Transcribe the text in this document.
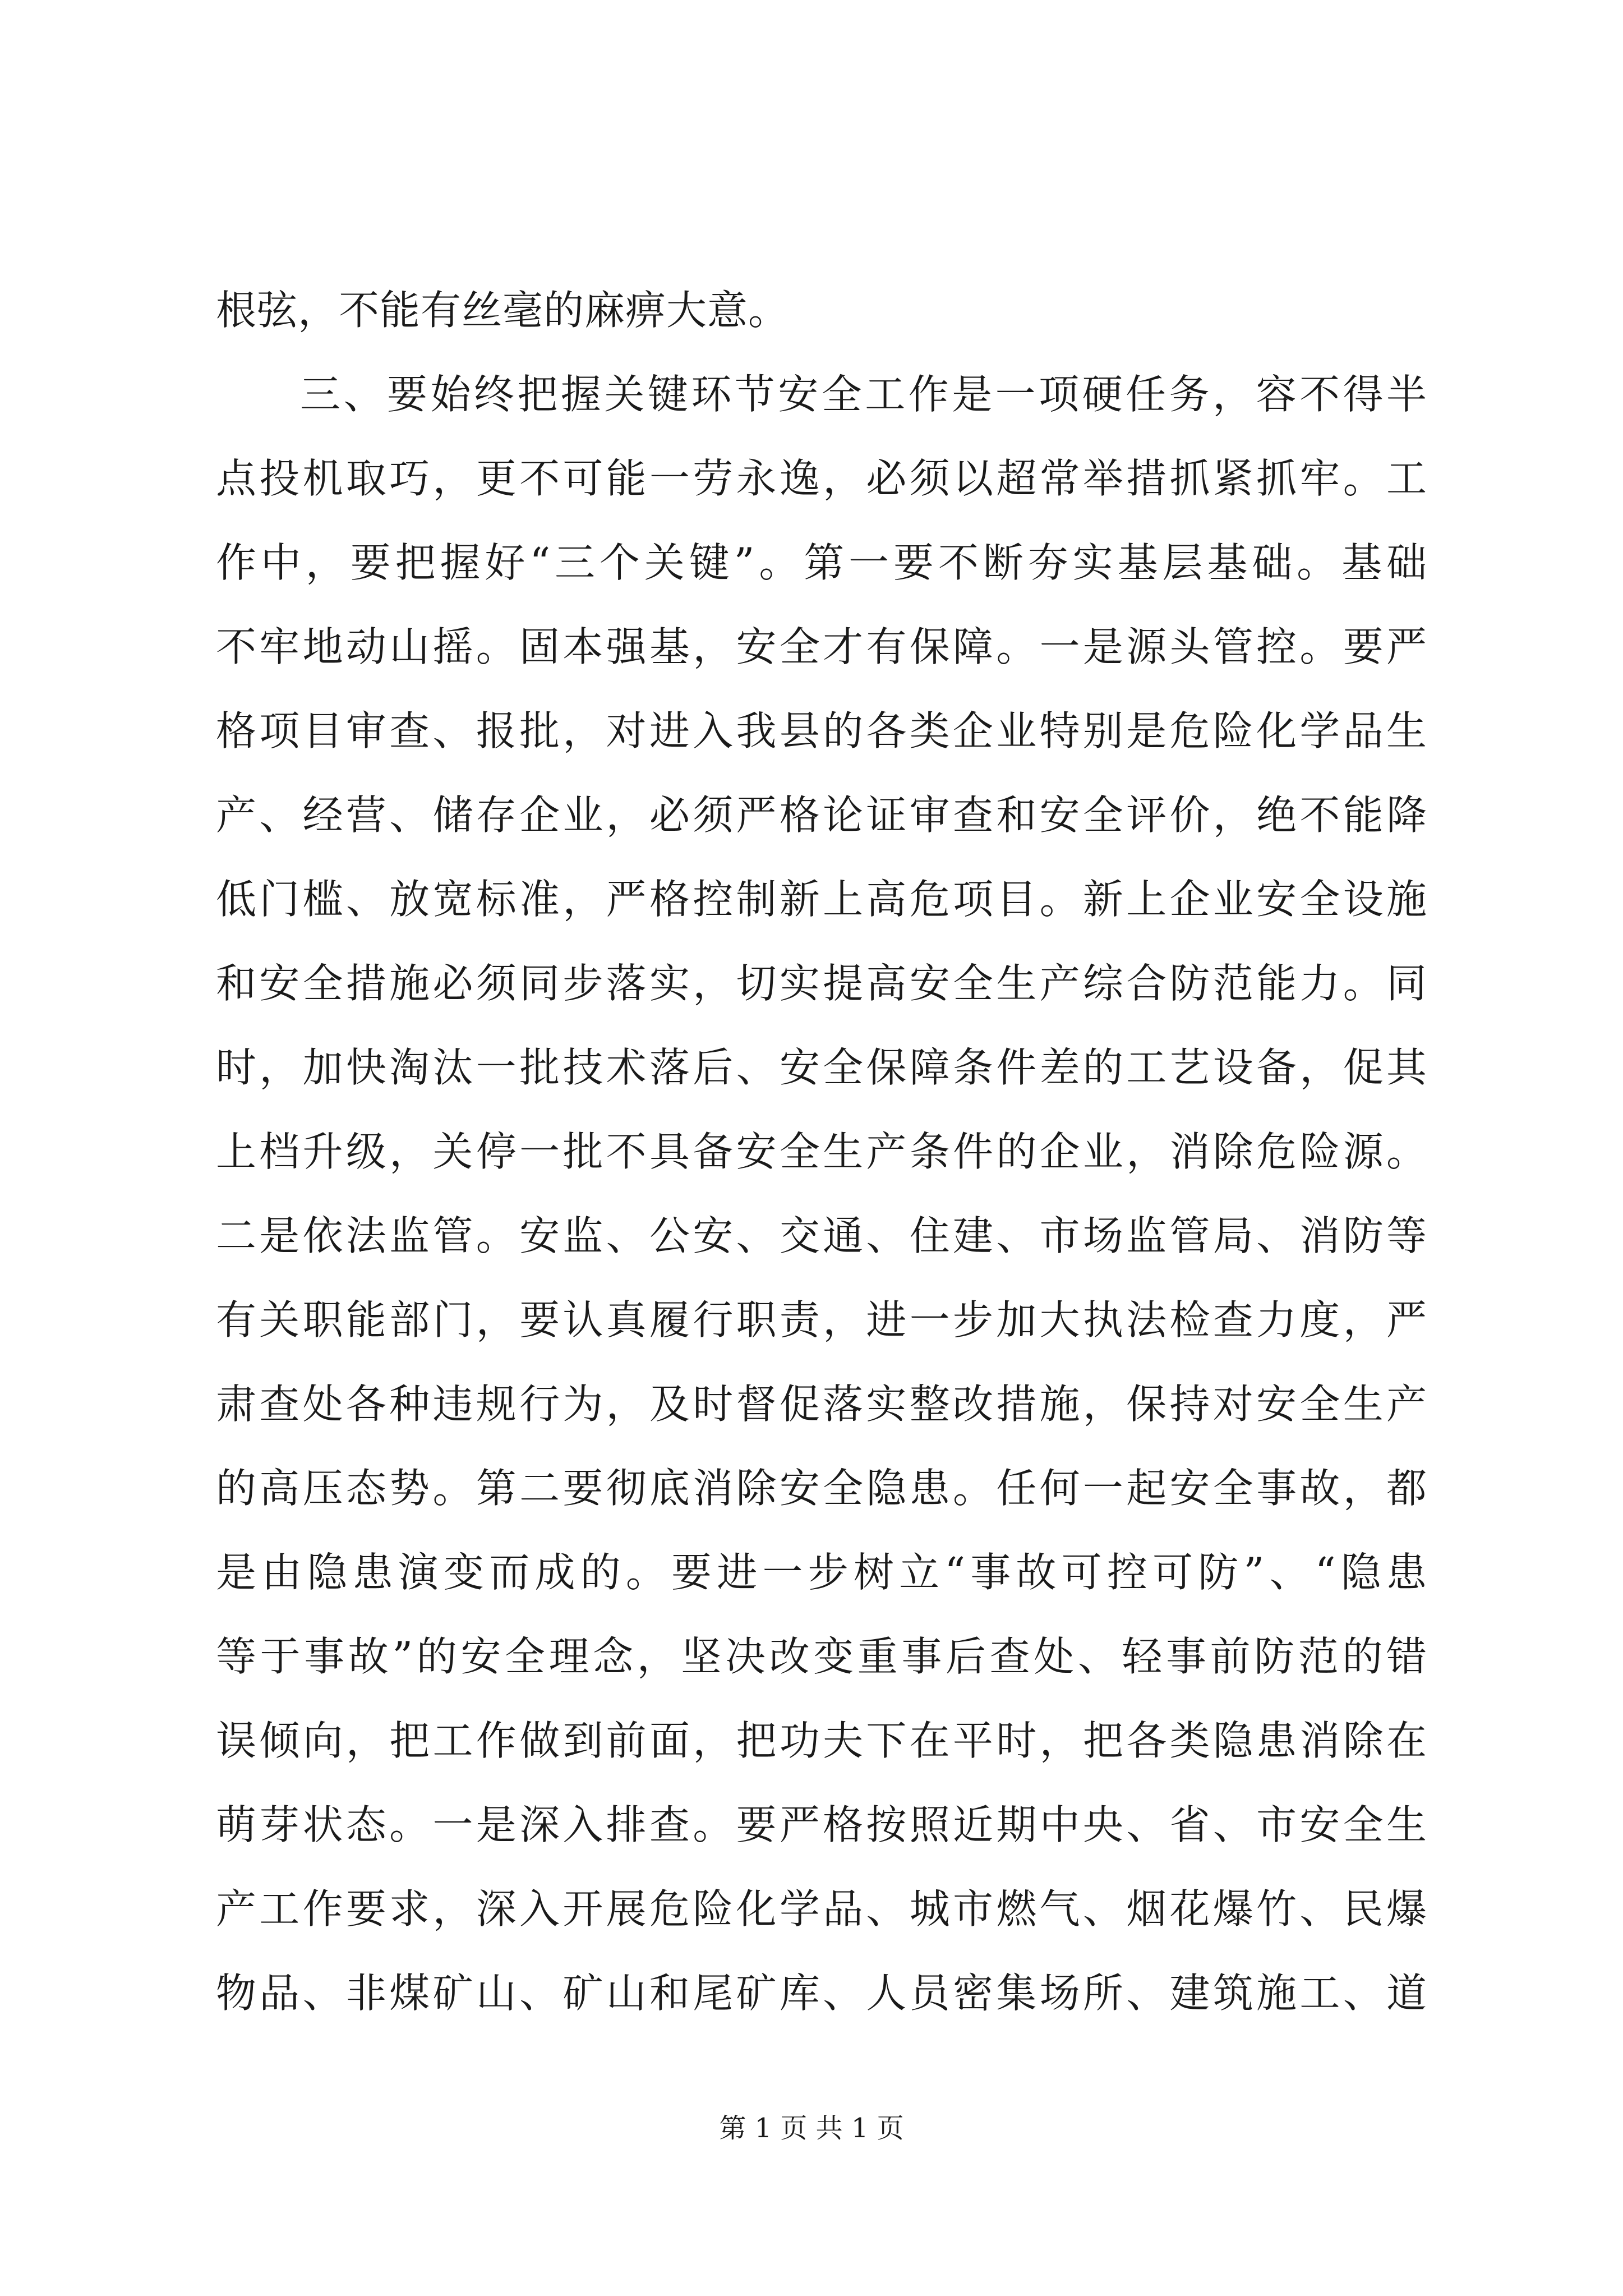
根弦，不能有丝毫的麻痹大意。
三、要始终把握关键环节安全工作是一项硬任务，容不得半
点投机取巧，更不可能一劳永逸，必须以超常举措抓紧抓牢。工
作中，要把握好“三个关键”。第一要不断夯实基层基础。基础
不牢地动山摇。固本强基，安全才有保障。一是源头管控。要严
格项目审查、报批，对进入我县的各类企业特别是危险化学品生
产、经营、储存企业，必须严格论证审查和安全评价，绝不能降
低门槛、放宽标准，严格控制新上高危项目。新上企业安全设施
和安全措施必须同步落实，切实提高安全生产综合防范能力。同
时，加快淘汰一批技术落后、安全保障条件差的工艺设备，促其
上档升级，关停一批不具备安全生产条件的企业，消除危险源。
二是依法监管。安监、公安、交通、住建、市场监管局、消防等
有关职能部门，要认真履行职责，进一步加大执法检查力度，严
肃查处各种违规行为，及时督促落实整改措施，保持对安全生产
的高压态势。第二要彻底消除安全隐患。任何一起安全事故，都
是由隐患演变而成的。要进一步树立“事故可控可防”、“隐患
等于事故”的安全理念，坚决改变重事后查处、轻事前防范的错
误倾向，把工作做到前面，把功夫下在平时，把各类隐患消除在
萌芽状态。一是深入排查。要严格按照近期中央、省、市安全生
产工作要求，深入开展危险化学品、城市燃气、烟花爆竹、民爆
物品、非煤矿山、矿山和尾矿库、人员密集场所、建筑施工、道
第 1 页 共 1 页
